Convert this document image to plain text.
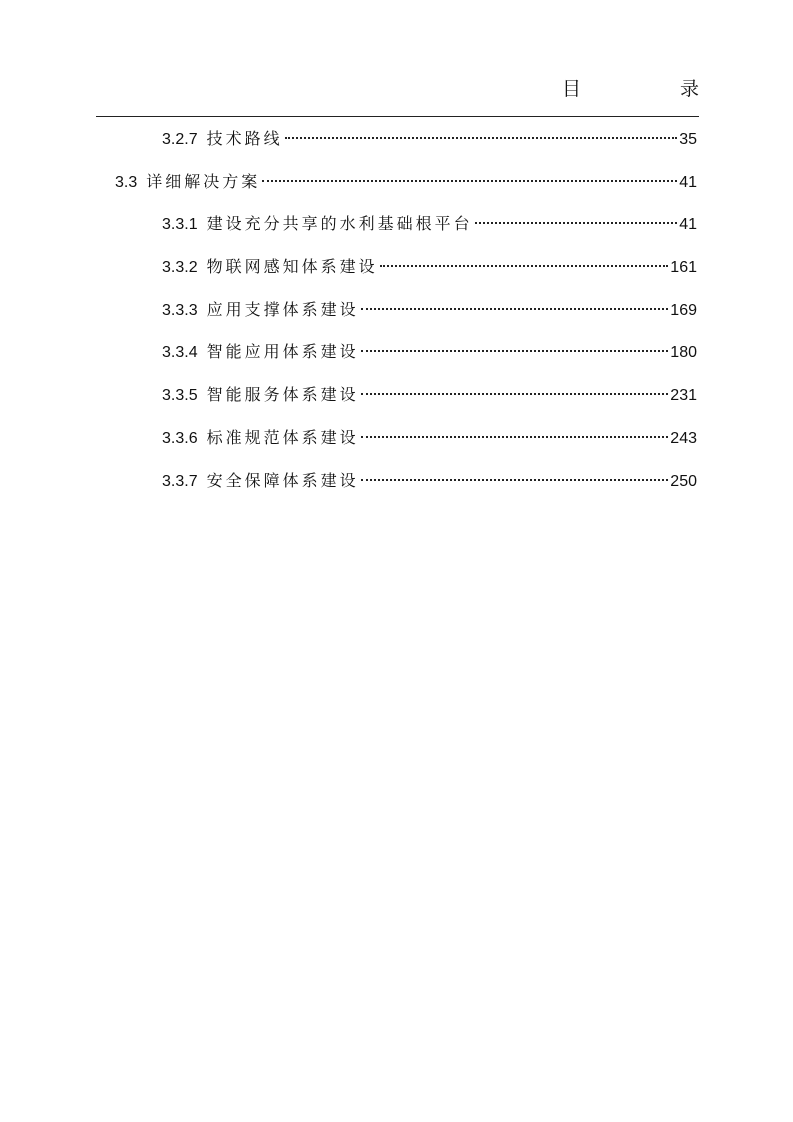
目　录
3.2.7 技术路线	35
3.3 详细解决方案	41
3.3.1 建设充分共享的水利基础根平台	41
3.3.2 物联网感知体系建设	161
3.3.3 应用支撑体系建设	169
3.3.4 智能应用体系建设	180
3.3.5 智能服务体系建设	231
3.3.6 标准规范体系建设	243
3.3.7 安全保障体系建设	250
